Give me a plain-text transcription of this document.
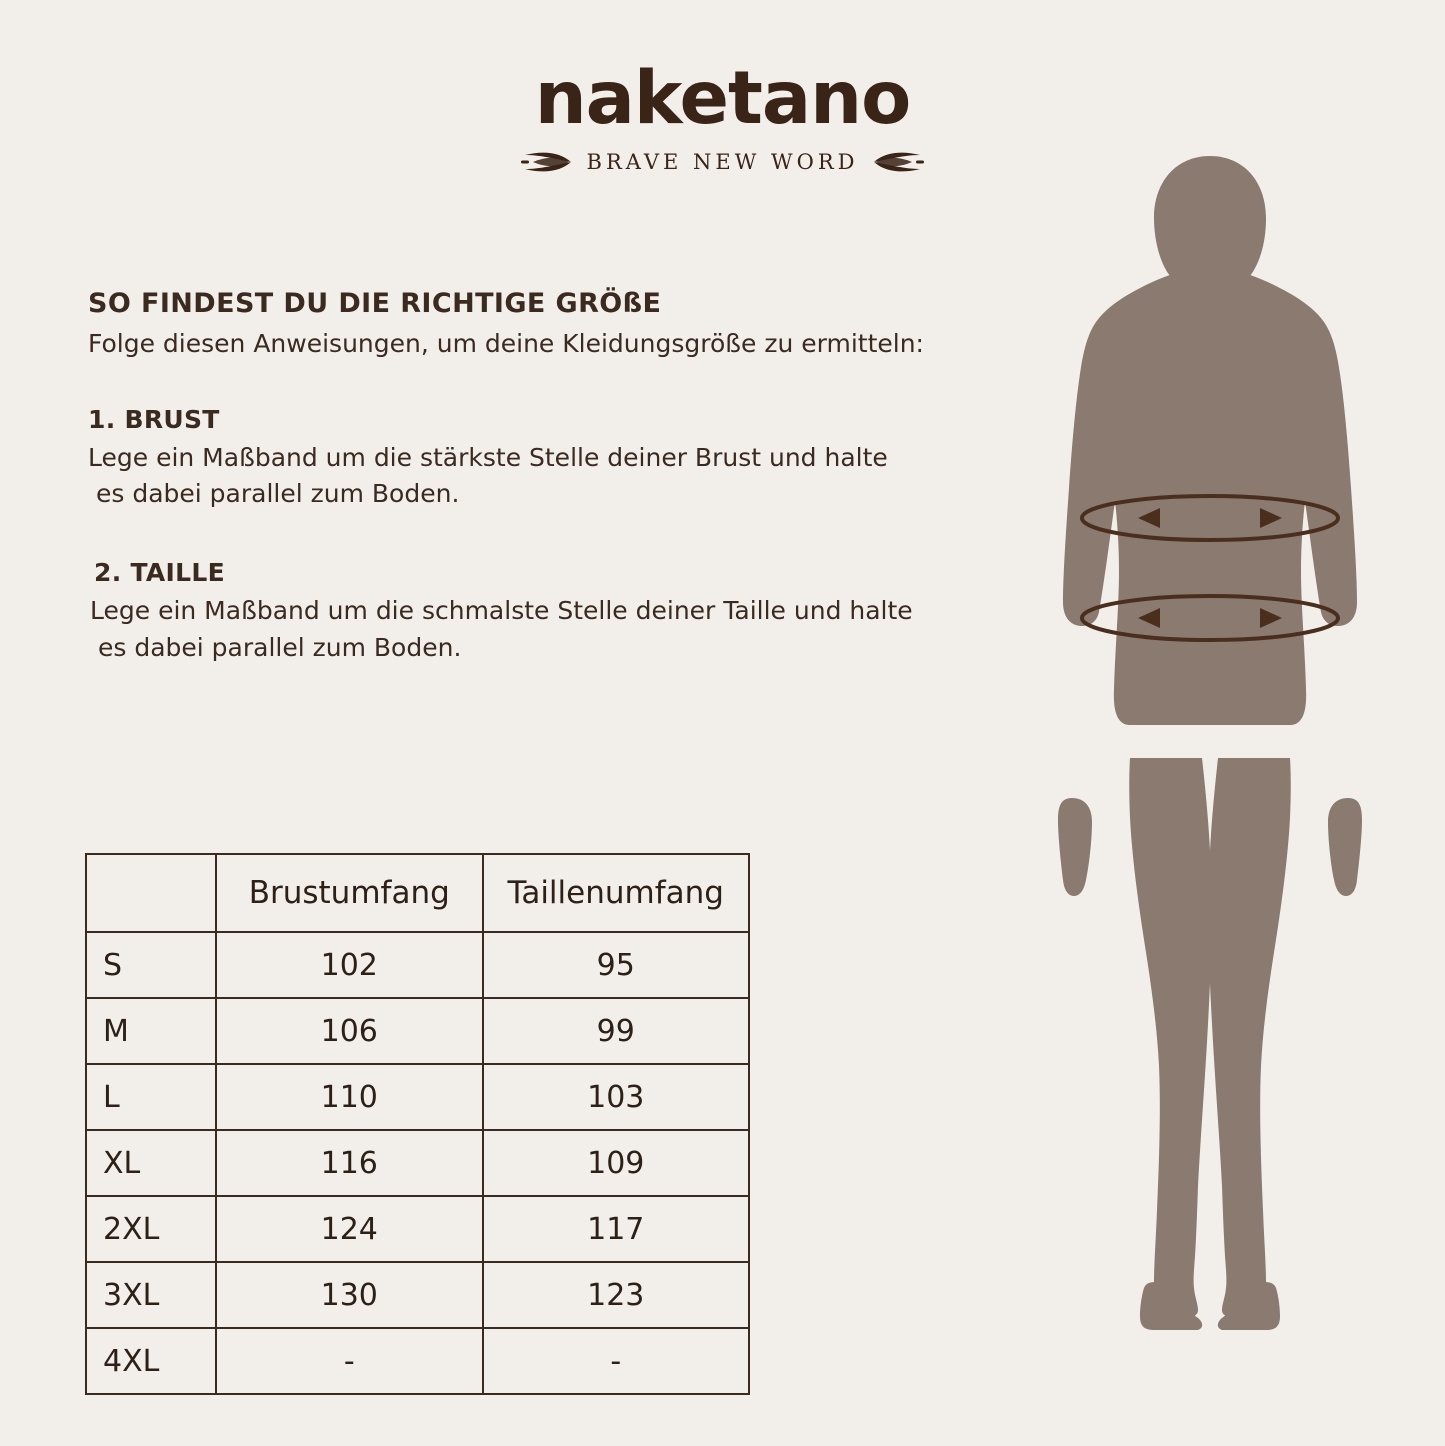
naketano
BRAVE NEW WORD
SO FINDEST DU DIE RICHTIGE GRÖßE

Folge diesen Anweisungen, um deine Kleidungsgröße zu ermitteln:

1. BRUST
Lege ein Maßband um die stärkste Stelle deiner Brust und halte
es dabei parallel zum Boden.
2. TAILLE
Lege ein Maßband um die schmalste Stelle deiner Taille und halte
es dabei parallel zum Boden.
	Brustumfang	Taillenumfang
S	102	95
M	106	99
L	110	103
XL	116	109
2XL	124	117
3XL	130	123
4XL	-	-
